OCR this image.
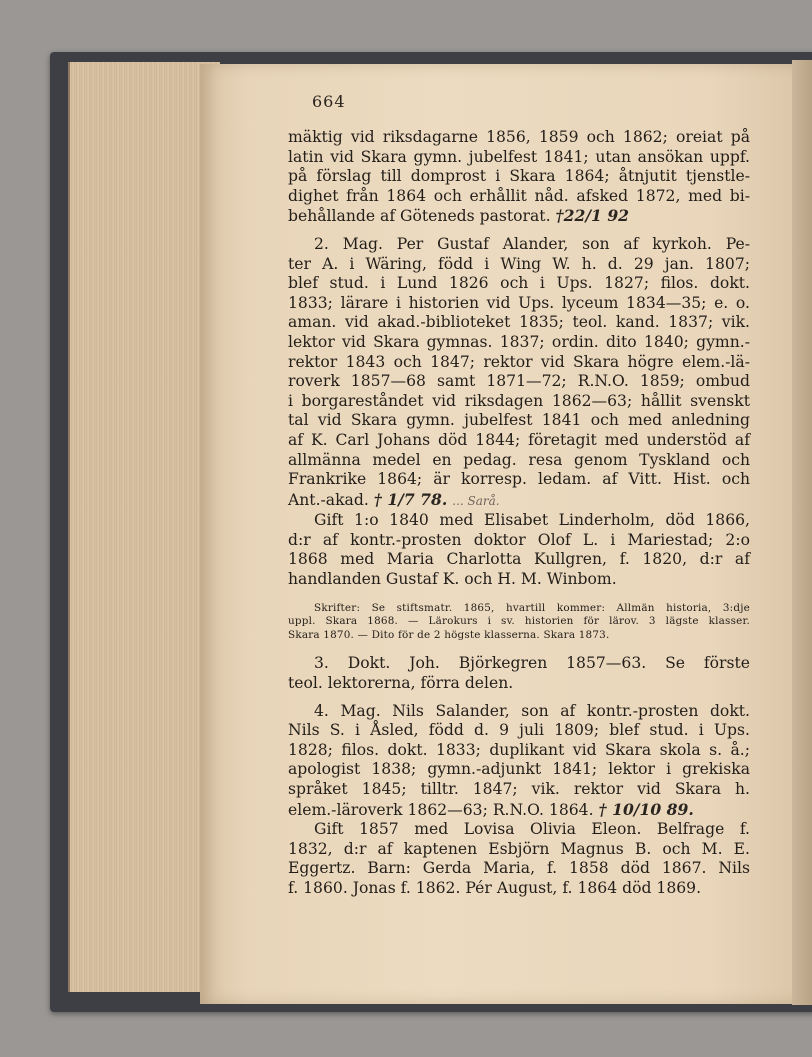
664
mäktig vid riksdagarne 1856, 1859 och 1862; oreiat på
latin vid Skara gymn. jubelfest 1841; utan ansökan uppf.
på förslag till domprost i Skara 1864; åtnjutit tjenstle-
dighet från 1864 och erhållit nåd. afsked 1872, med bi-
behållande af Göteneds pastorat. †22/1 92
2. Mag. Per Gustaf Alander, son af kyrkoh. Pe-
ter A. i Wäring, född i Wing W. h. d. 29 jan. 1807;
blef stud. i Lund 1826 och i Ups. 1827; filos. dokt.
1833; lärare i historien vid Ups. lyceum 1834—35; e. o.
aman. vid akad.-biblioteket 1835; teol. kand. 1837; vik.
lektor vid Skara gymnas. 1837; ordin. dito 1840; gymn.-
rektor 1843 och 1847; rektor vid Skara högre elem.-lä-
roverk 1857—68 samt 1871—72; R.N.O. 1859; ombud
i borgareståndet vid riksdagen 1862—63; hållit svenskt
tal vid Skara gymn. jubelfest 1841 och med anledning
af K. Carl Johans död 1844; företagit med understöd af
allmänna medel en pedag. resa genom Tyskland och
Frankrike 1864; är korresp. ledam. af Vitt. Hist. och
Ant.-akad. † 1/7 78. ... Sarå.
Gift 1:o 1840 med Elisabet Linderholm, död 1866,
d:r af kontr.-prosten doktor Olof L. i Mariestad; 2:o
1868 med Maria Charlotta Kullgren, f. 1820, d:r af
handlanden Gustaf K. och H. M. Winbom.
Skrifter: Se stiftsmatr. 1865, hvartill kommer: Allmän historia, 3:dje
uppl. Skara 1868. — Lärokurs i sv. historien för lärov. 3 lägste klasser.
Skara 1870. — Dito för de 2 högste klasserna. Skara 1873.
3. Dokt. Joh. Björkegren 1857—63. Se förste
teol. lektorerna, förra delen.
4. Mag. Nils Salander, son af kontr.-prosten dokt.
Nils S. i Åsled, född d. 9 juli 1809; blef stud. i Ups.
1828; filos. dokt. 1833; duplikant vid Skara skola s. å.;
apologist 1838; gymn.-adjunkt 1841; lektor i grekiska
språket 1845; tilltr. 1847; vik. rektor vid Skara h.
elem.-läroverk 1862—63; R.N.O. 1864. † 10/10 89.
Gift 1857 med Lovisa Olivia Eleon. Belfrage f.
1832, d:r af kaptenen Esbjörn Magnus B. och M. E.
Eggertz. Barn: Gerda Maria, f. 1858 död 1867. Nils
f. 1860. Jonas f. 1862. Pér August, f. 1864 död 1869.
